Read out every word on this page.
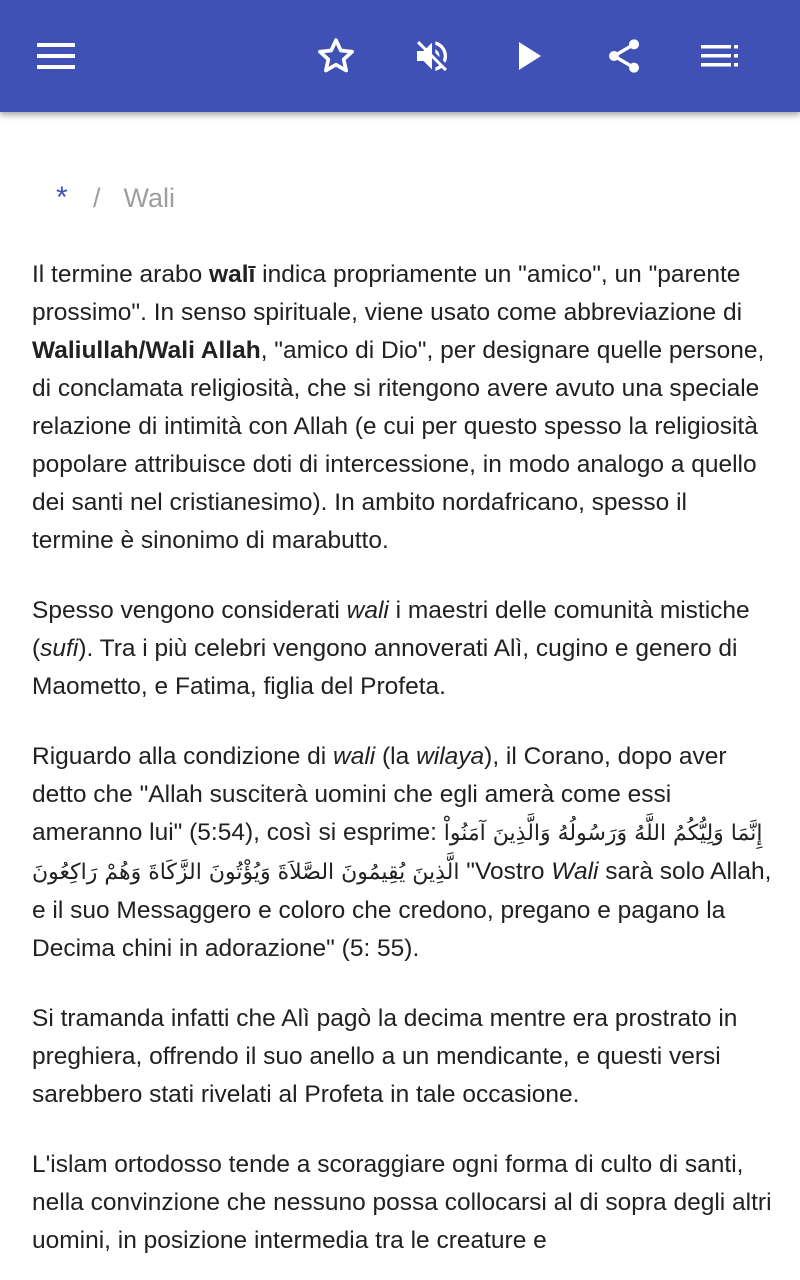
* / Wali

Il termine arabo walī indica propriamente un "amico", un "parente prossimo". In senso spirituale, viene usato come abbreviazione di Waliullah/Wali Allah, "amico di Dio", per designare quelle persone, di conclamata religiosità, che si ritengono avere avuto una speciale relazione di intimità con Allah (e cui per questo spesso la religiosità popolare attribuisce doti di intercessione, in modo analogo a quello dei santi nel cristianesimo). In ambito nordafricano, spesso il termine è sinonimo di marabutto.

Spesso vengono considerati wali i maestri delle comunità mistiche (sufi). Tra i più celebri vengono annoverati Alì, cugino e genero di Maometto, e Fatima, figlia del Profeta.

Riguardo alla condizione di wali (la wilaya), il Corano, dopo aver detto che "Allah susciterà uomini che egli amerà come essi ameranno lui" (5:54), così si esprime: إِنَّمَا وَلِيُّكُمُ اللَّهُ وَرَسُولُهُ وَالَّذِينَ آمَنُواْ الَّذِينَ يُقِيمُونَ الصَّلاَةَ وَيُؤْتُونَ الزَّكَاةَ وَهُمْ رَاكِعُونَ "Vostro Wali sarà solo Allah, e il suo Messaggero e coloro che credono, pregano e pagano la Decima chini in adorazione" (5: 55).

Si tramanda infatti che Alì pagò la decima mentre era prostrato in preghiera, offrendo il suo anello a un mendicante, e questi versi sarebbero stati rivelati al Profeta in tale occasione.

L'islam ortodosso tende a scoraggiare ogni forma di culto di santi, nella convinzione che nessuno possa collocarsi al di sopra degli altri uomini, in posizione intermedia tra le creature e
